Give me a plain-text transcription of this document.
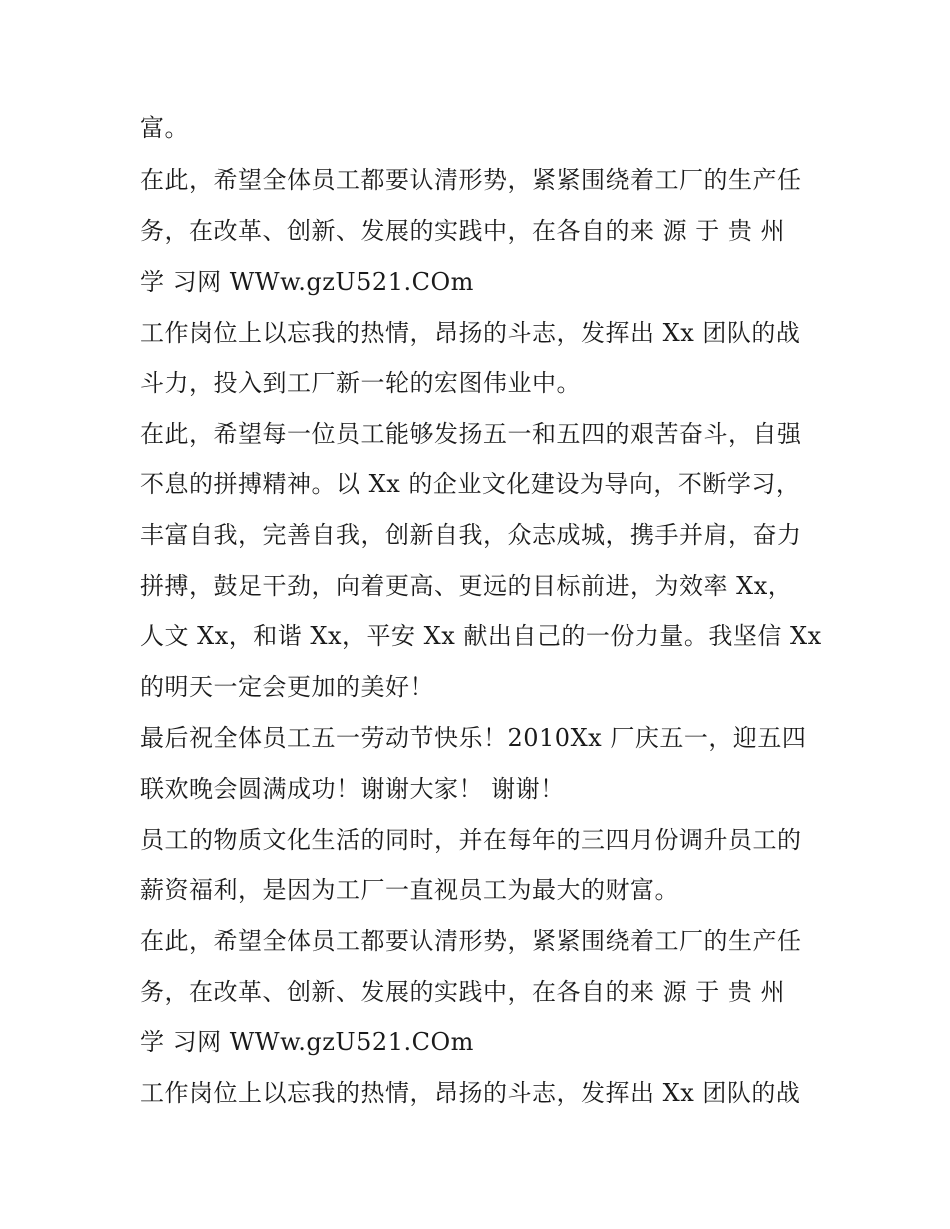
富。
在此，希望全体员工都要认清形势，紧紧围绕着工厂的生产任
务，在改革、创新、发展的实践中，在各自的来 源 于 贵 州
学 习网 WWw.gzU521.COm
工作岗位上以忘我的热情，昂扬的斗志，发挥出 Xx 团队的战
斗力，投入到工厂新一轮的宏图伟业中。
在此，希望每一位员工能够发扬五一和五四的艰苦奋斗，自强
不息的拼搏精神。以 Xx 的企业文化建设为导向，不断学习，
丰富自我，完善自我，创新自我，众志成城，携手并肩，奋力
拼搏，鼓足干劲，向着更高、更远的目标前进，为效率 Xx，
人文 Xx，和谐 Xx，平安 Xx 献出自己的一份力量。我坚信 Xx
的明天一定会更加的美好！
最后祝全体员工五一劳动节快乐！2010Xx 厂庆五一，迎五四
联欢晚会圆满成功！谢谢大家！ 谢谢！
员工的物质文化生活的同时，并在每年的三四月份调升员工的
薪资福利，是因为工厂一直视员工为最大的财富。
在此，希望全体员工都要认清形势，紧紧围绕着工厂的生产任
务，在改革、创新、发展的实践中，在各自的来 源 于 贵 州
学 习网 WWw.gzU521.COm
工作岗位上以忘我的热情，昂扬的斗志，发挥出 Xx 团队的战
